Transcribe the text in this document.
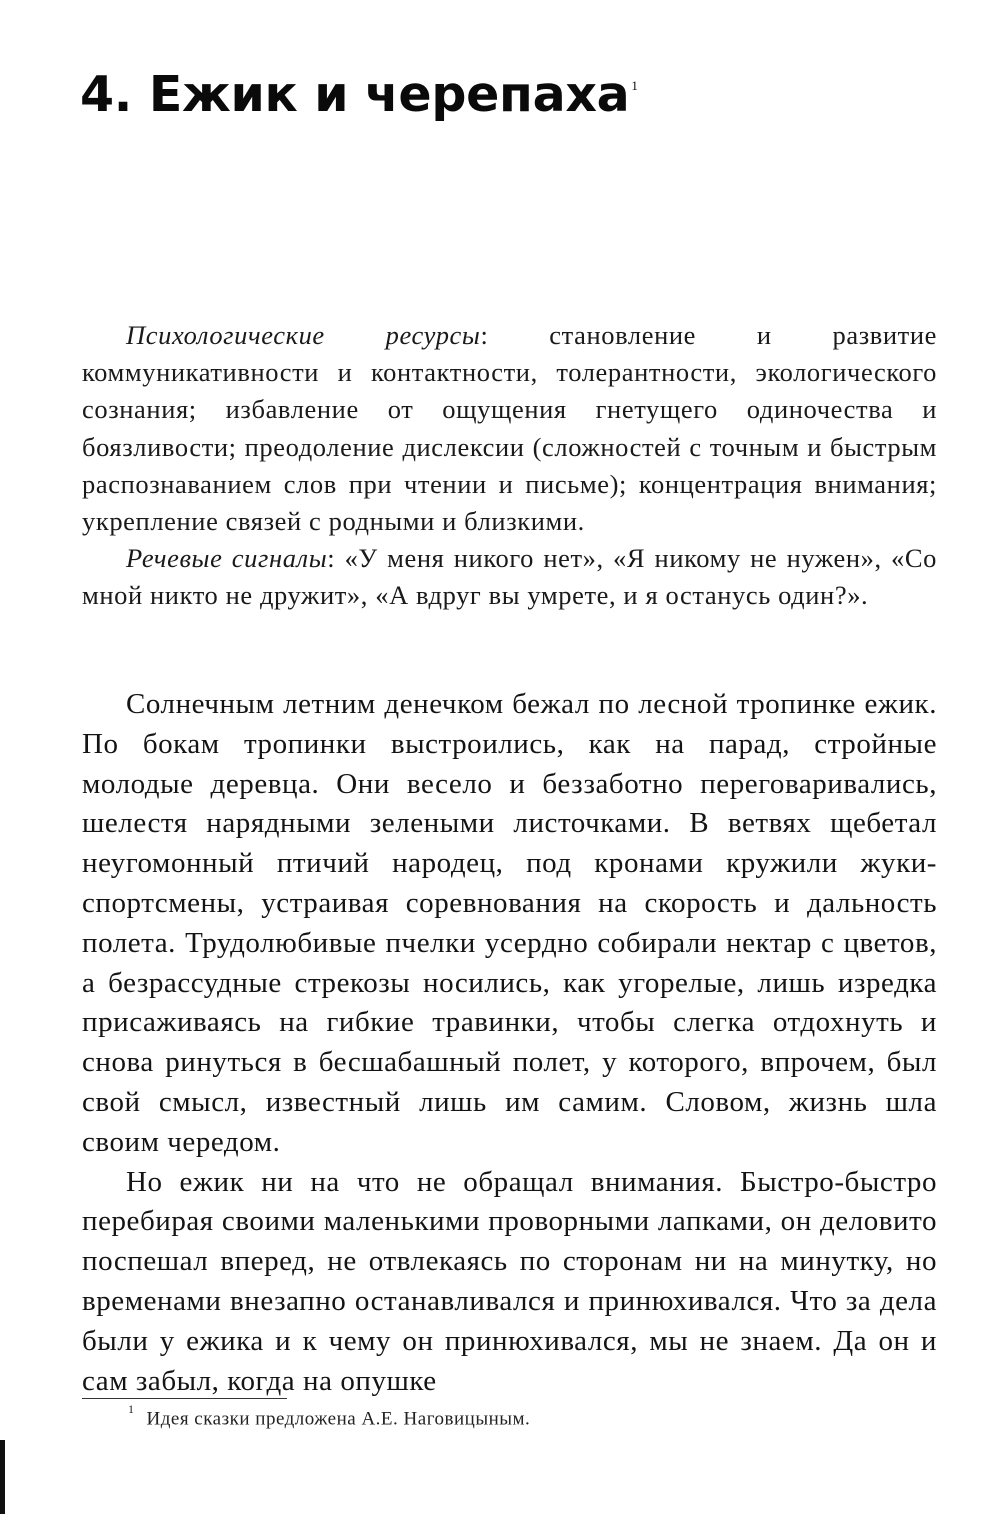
4. Ежик и черепаха $^1$

Психологические ресурсы: становление и развитие коммуникативности и контактности, толерантности, экологического сознания; избавление от ощущения гнетущего одиночества и боязливости; преодоление дислексии (сложностей с точным и быстрым распознаванием слов при чтении и письме); концентрация внимания; укрепление связей с родными и близкими.

Речевые сигналы: «У меня никого нет», «Я никому не нужен», «Со мной никто не дружит», «А вдруг вы умрете, и я останусь один?».

Солнечным летним денечком бежал по лесной тропинке ежик. По бокам тропинки выстроились, как на парад, стройные молодые деревца. Они весело и беззаботно переговаривались, шелестя нарядными зелеными листочками. В ветвях щебетал неугомонный птичий народец, под кронами кружили жуки-спортсмены, устраивая соревнования на скорость и дальность полета. Трудолюбивые пчелки усердно собирали нектар с цветов, а безрассудные стрекозы носились, как угорелые, лишь изредка присаживаясь на гибкие травинки, чтобы слегка отдохнуть и снова ринуться в бесшабашный полет, у которого, впрочем, был свой смысл, известный лишь им самим. Словом, жизнь шла своим чередом.

Но ежик ни на что не обращал внимания. Быстро-быстро перебирая своими маленькими проворными лапками, он деловито поспешал вперед, не отвлекаясь по сторонам ни на минутку, но временами внезапно останавливался и принюхивался. Что за дела были у ежика и к чему он принюхивался, мы не знаем. Да он и сам забыл, когда на опушке

$^1$ Идея сказки предложена А.Е. Наговицыным.
